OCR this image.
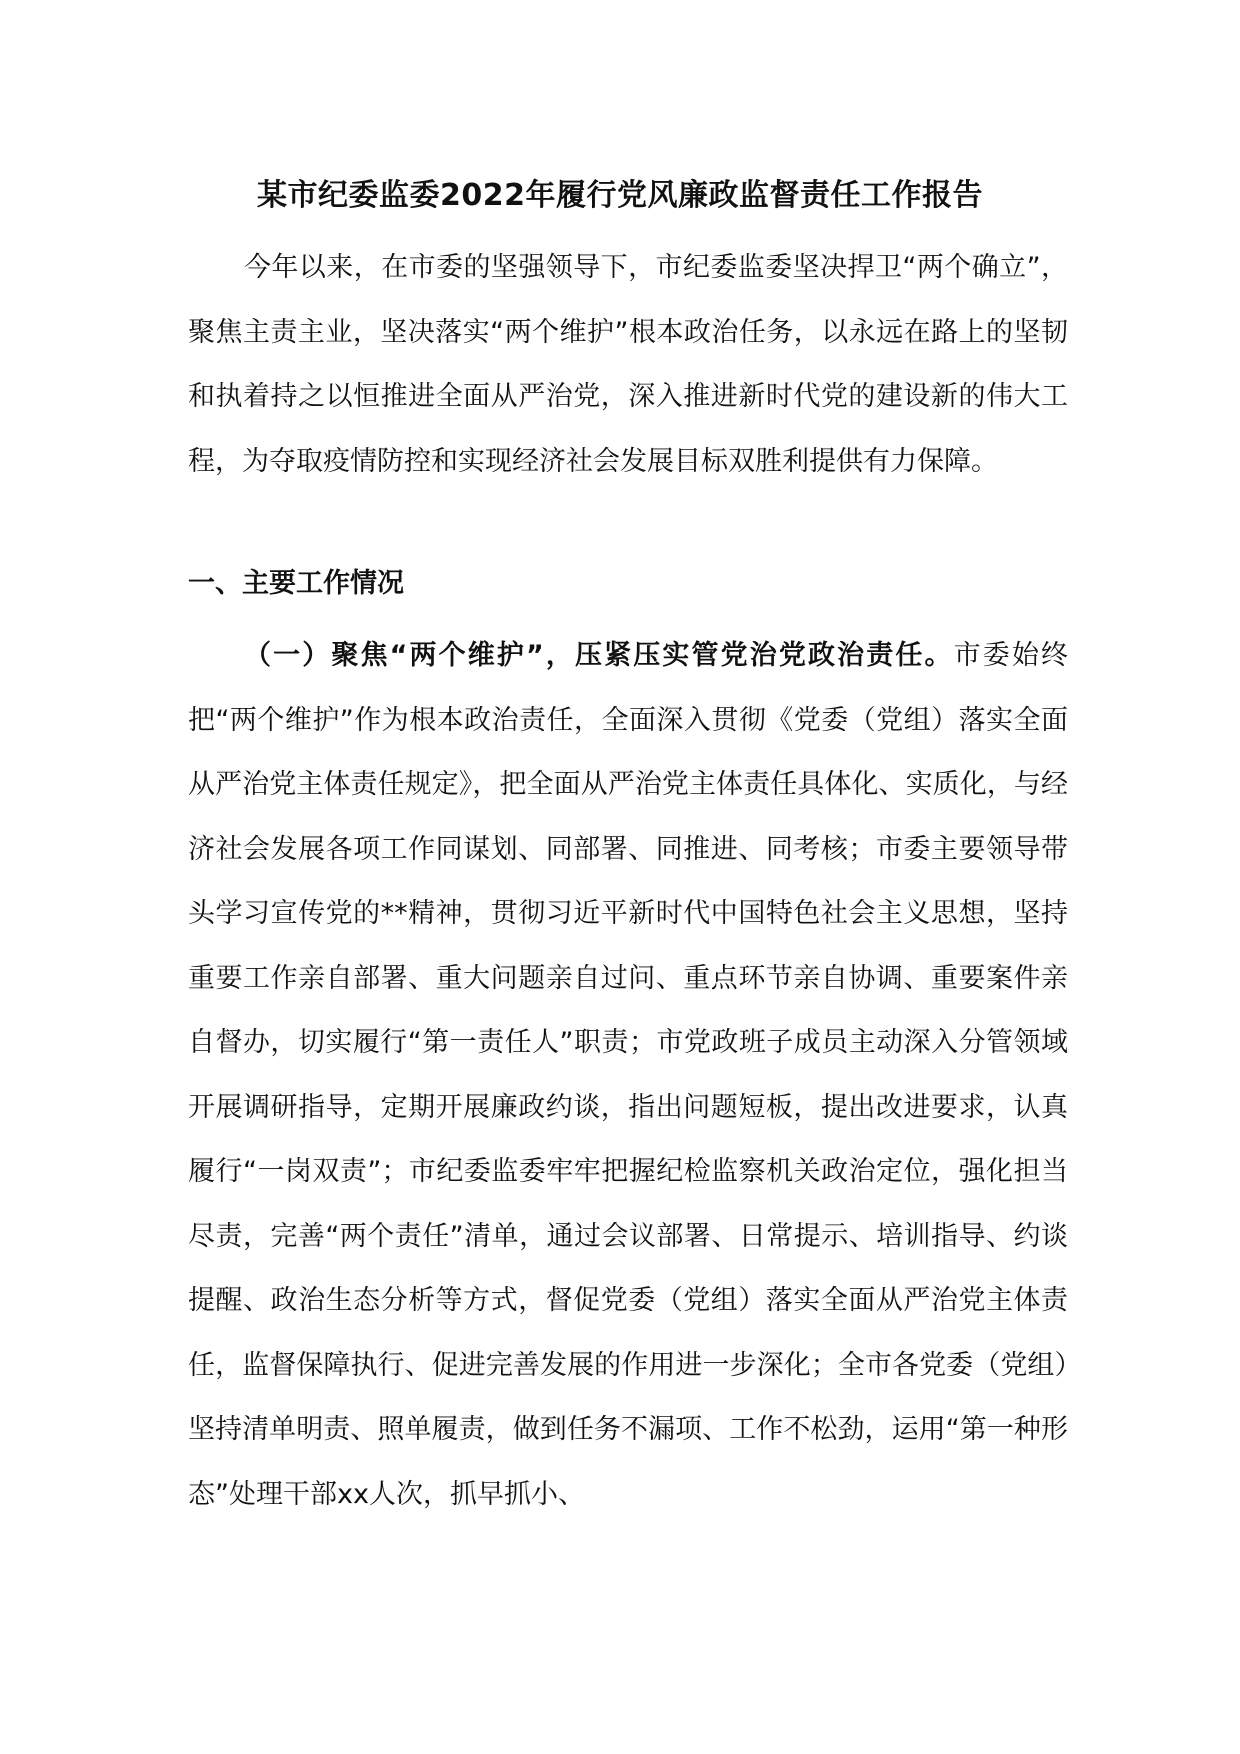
某市纪委监委2022年履行党风廉政监督责任工作报告

今年以来，在市委的坚强领导下，市纪委监委坚决捍卫“两个确立”，聚焦主责主业，坚决落实“两个维护”根本政治任务，以永远在路上的坚韧和执着持之以恒推进全面从严治党，深入推进新时代党的建设新的伟大工程，为夺取疫情防控和实现经济社会发展目标双胜利提供有力保障。

一、主要工作情况

（一）聚焦“两个维护”，压紧压实管党治党政治责任。市委始终把“两个维护”作为根本政治责任，全面深入贯彻《党委（党组）落实全面从严治党主体责任规定》，把全面从严治党主体责任具体化、实质化，与经济社会发展各项工作同谋划、同部署、同推进、同考核；市委主要领导带头学习宣传党的**精神，贯彻习近平新时代中国特色社会主义思想，坚持重要工作亲自部署、重大问题亲自过问、重点环节亲自协调、重要案件亲自督办，切实履行“第一责任人”职责；市党政班子成员主动深入分管领域开展调研指导，定期开展廉政约谈，指出问题短板，提出改进要求，认真履行“一岗双责”；市纪委监委牢牢把握纪检监察机关政治定位，强化担当尽责，完善“两个责任”清单，通过会议部署、日常提示、培训指导、约谈提醒、政治生态分析等方式，督促党委（党组）落实全面从严治党主体责任，监督保障执行、促进完善发展的作用进一步深化；全市各党委（党组）坚持清单明责、照单履责，做到任务不漏项、工作不松劲，运用“第一种形态”处理干部xx人次，抓早抓小、
